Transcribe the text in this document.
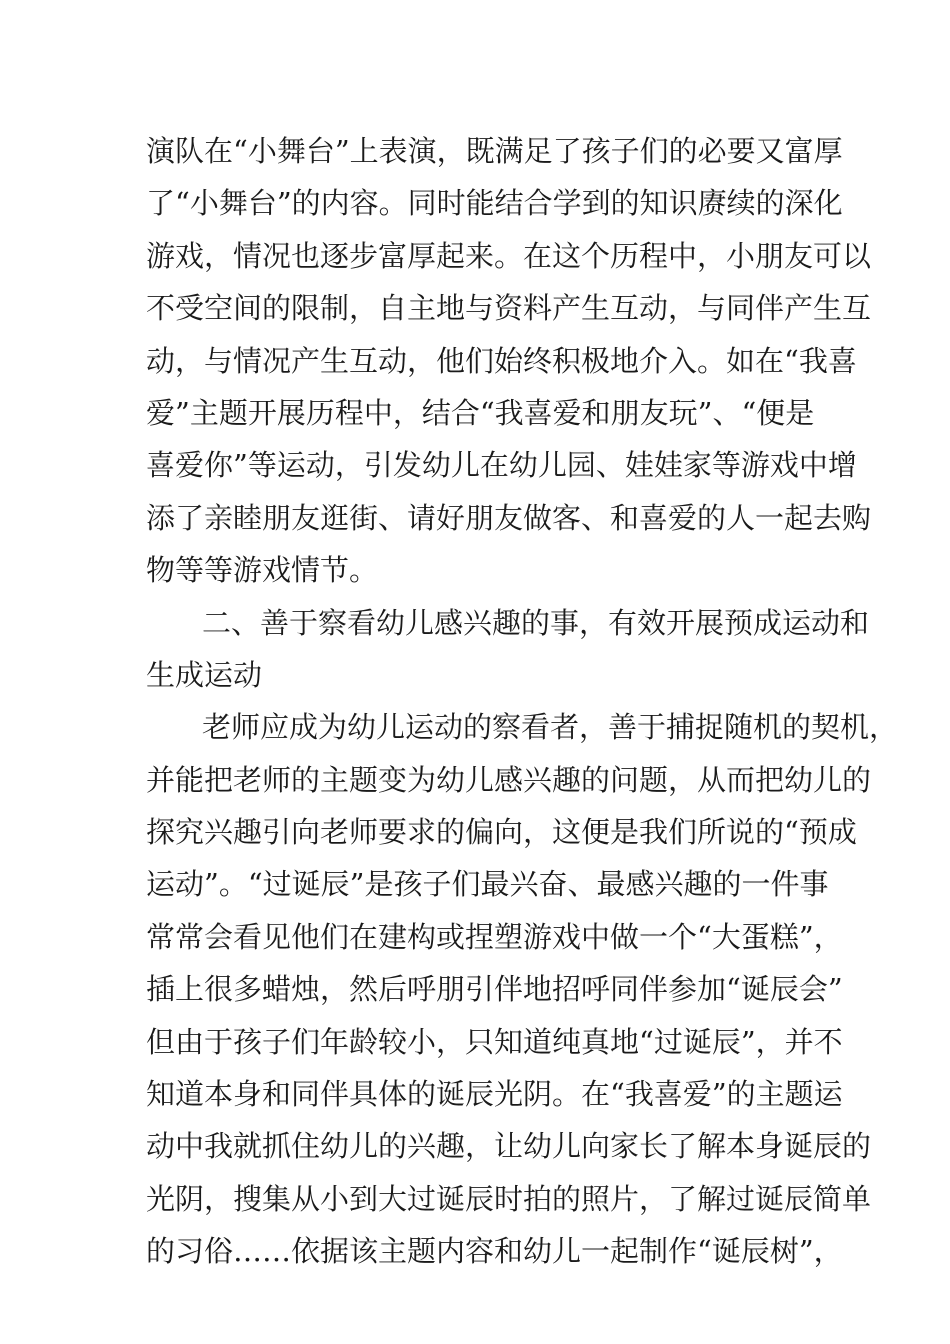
演队在“小舞台”上表演，既满足了孩子们的必要又富厚
了“小舞台”的内容。同时能结合学到的知识赓续的深化
游戏，情况也逐步富厚起来。在这个历程中，小朋友可以
不受空间的限制，自主地与资料产生互动，与同伴产生互
动，与情况产生互动，他们始终积极地介入。如在“我喜
爱”主题开展历程中，结合“我喜爱和朋友玩”、“便是
喜爱你”等运动，引发幼儿在幼儿园、娃娃家等游戏中增
添了亲睦朋友逛街、请好朋友做客、和喜爱的人一起去购
物等等游戏情节。
二、善于察看幼儿感兴趣的事，有效开展预成运动和
生成运动
老师应成为幼儿运动的察看者，善于捕捉随机的契机，
并能把老师的主题变为幼儿感兴趣的问题，从而把幼儿的
探究兴趣引向老师要求的偏向，这便是我们所说的“预成
运动”。“过诞辰”是孩子们最兴奋、最感兴趣的一件事
常常会看见他们在建构或捏塑游戏中做一个“大蛋糕”，
插上很多蜡烛，然后呼朋引伴地招呼同伴参加“诞辰会”
但由于孩子们年龄较小，只知道纯真地“过诞辰”，并不
知道本身和同伴具体的诞辰光阴。在“我喜爱”的主题运
动中我就抓住幼儿的兴趣，让幼儿向家长了解本身诞辰的
光阴，搜集从小到大过诞辰时拍的照片，了解过诞辰简单
的习俗……依据该主题内容和幼儿一起制作“诞辰树”，
